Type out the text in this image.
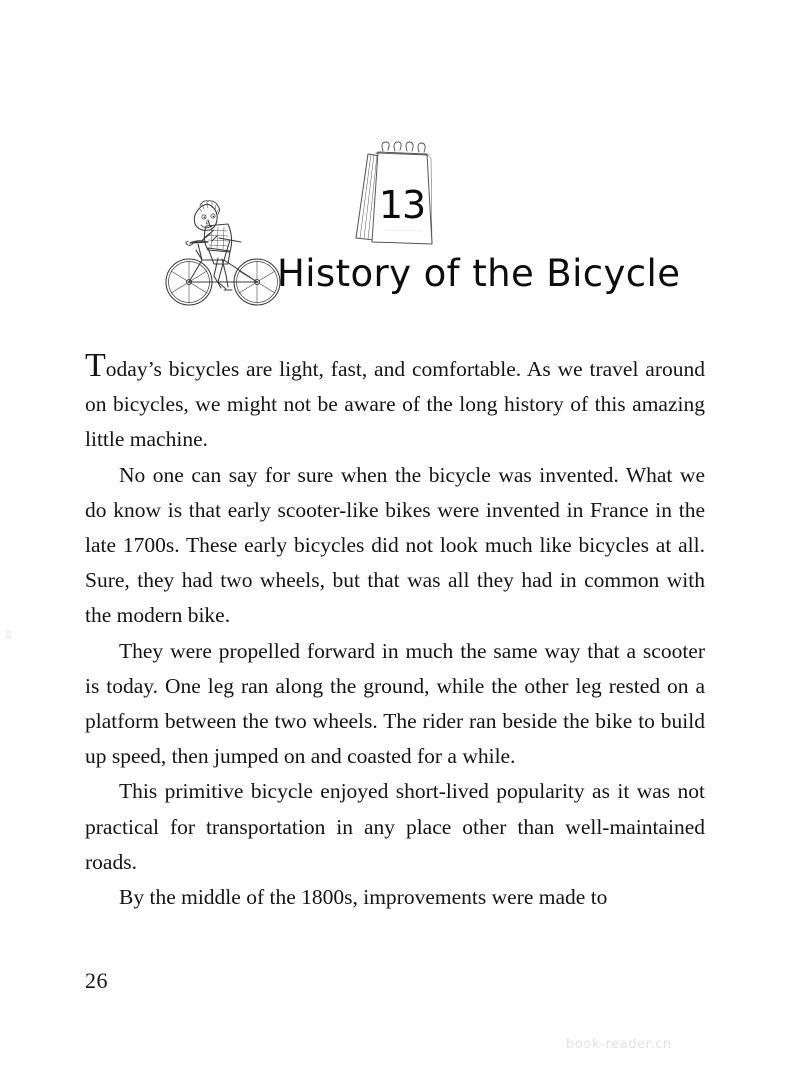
13
History of the Bicycle

Today’s bicycles are light, fast, and comfortable. As we travel around on bicycles, we might not be aware of the long history of this amazing little machine.

No one can say for sure when the bicycle was invented. What we do know is that early scooter-like bikes were invented in France in the late 1700s. These early bicycles did not look much like bicycles at all. Sure, they had two wheels, but that was all they had in common with the modern bike.

They were propelled forward in much the same way that a scooter is today. One leg ran along the ground, while the other leg rested on a platform between the two wheels. The rider ran beside the bike to build up speed, then jumped on and coasted for a while.

This primitive bicycle enjoyed short-lived popularity as it was not practical for transportation in any place other than well-maintained roads.

By the middle of the 1800s, improvements were made to

26
book-reader.cn
